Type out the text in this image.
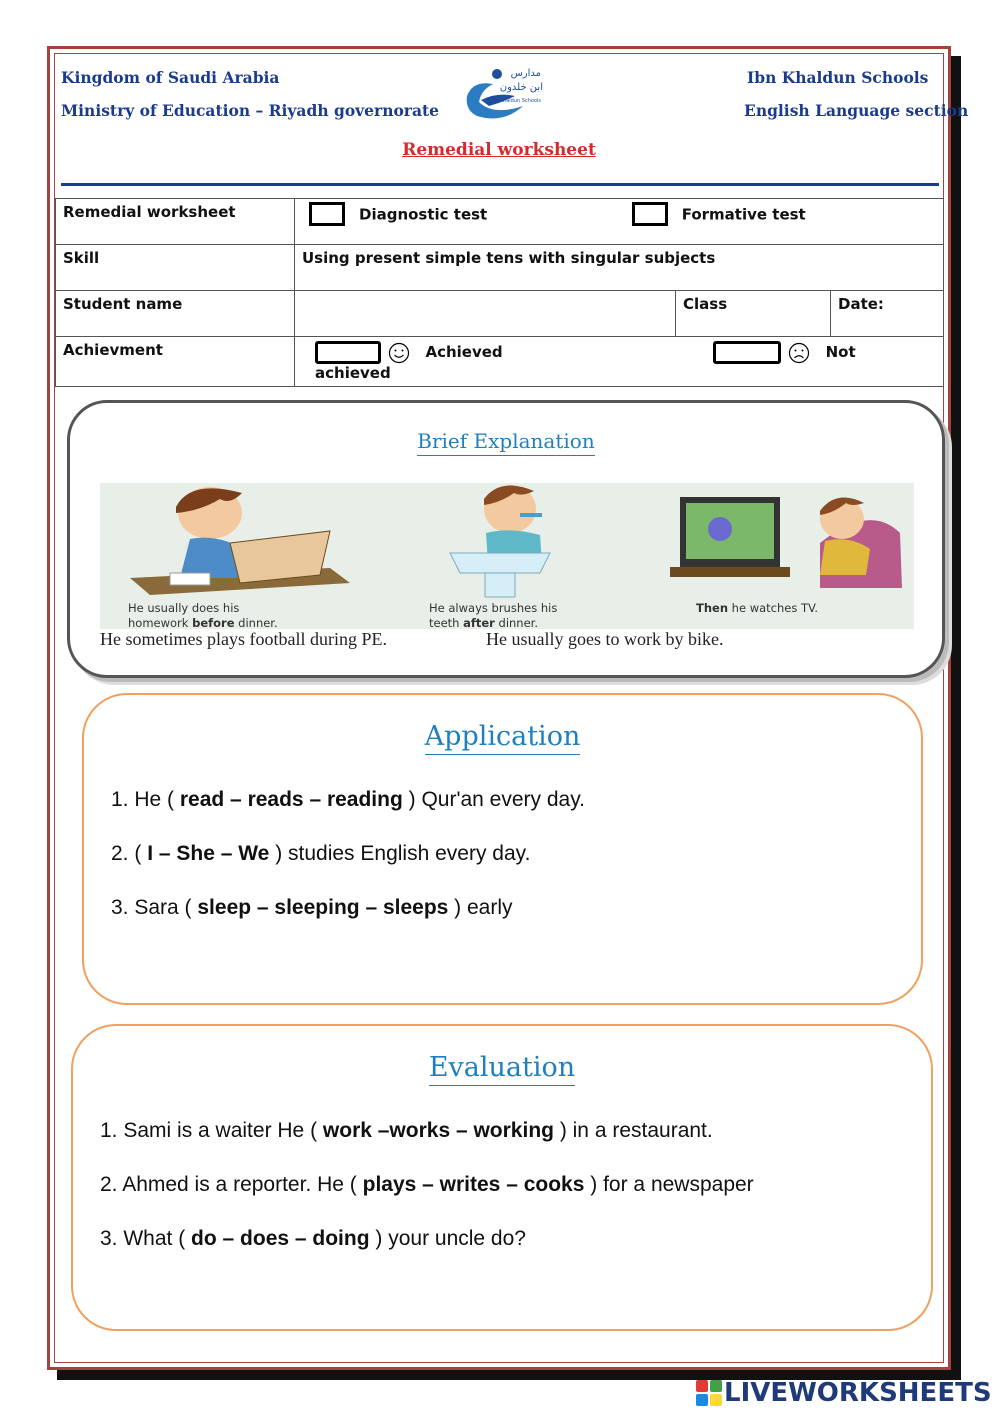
Kingdom of Saudi Arabia
Ministry of Education – Riyadh governorate
Ibn Khaldun Schools
English Language section
مدارس
ابن خلدون
Ibn Khaldun Schools
Remedial worksheet
Remedial worksheet	Diagnostic test Formative test		
Skill	Using present simple tens with singular subjects		
Student name		Class	Date:
Achievment	Achieved Not achieved		
Brief Explanation
He usually does his
homework before dinner.
He always brushes his
teeth after dinner.
Then he watches TV.
He sometimes plays football during PE.	He usually goes to work by bike.
Application
1. He ( read – reads – reading ) Qur'an every day.
2. ( I – She – We ) studies English every day.
3. Sara ( sleep – sleeping – sleeps ) early
Evaluation
1. Sami is a waiter He ( work –works – working ) in a restaurant.
2. Ahmed is a reporter. He ( plays – writes – cooks ) for a newspaper
3. What ( do – does – doing ) your uncle do?
LIVEWORKSHEETS
